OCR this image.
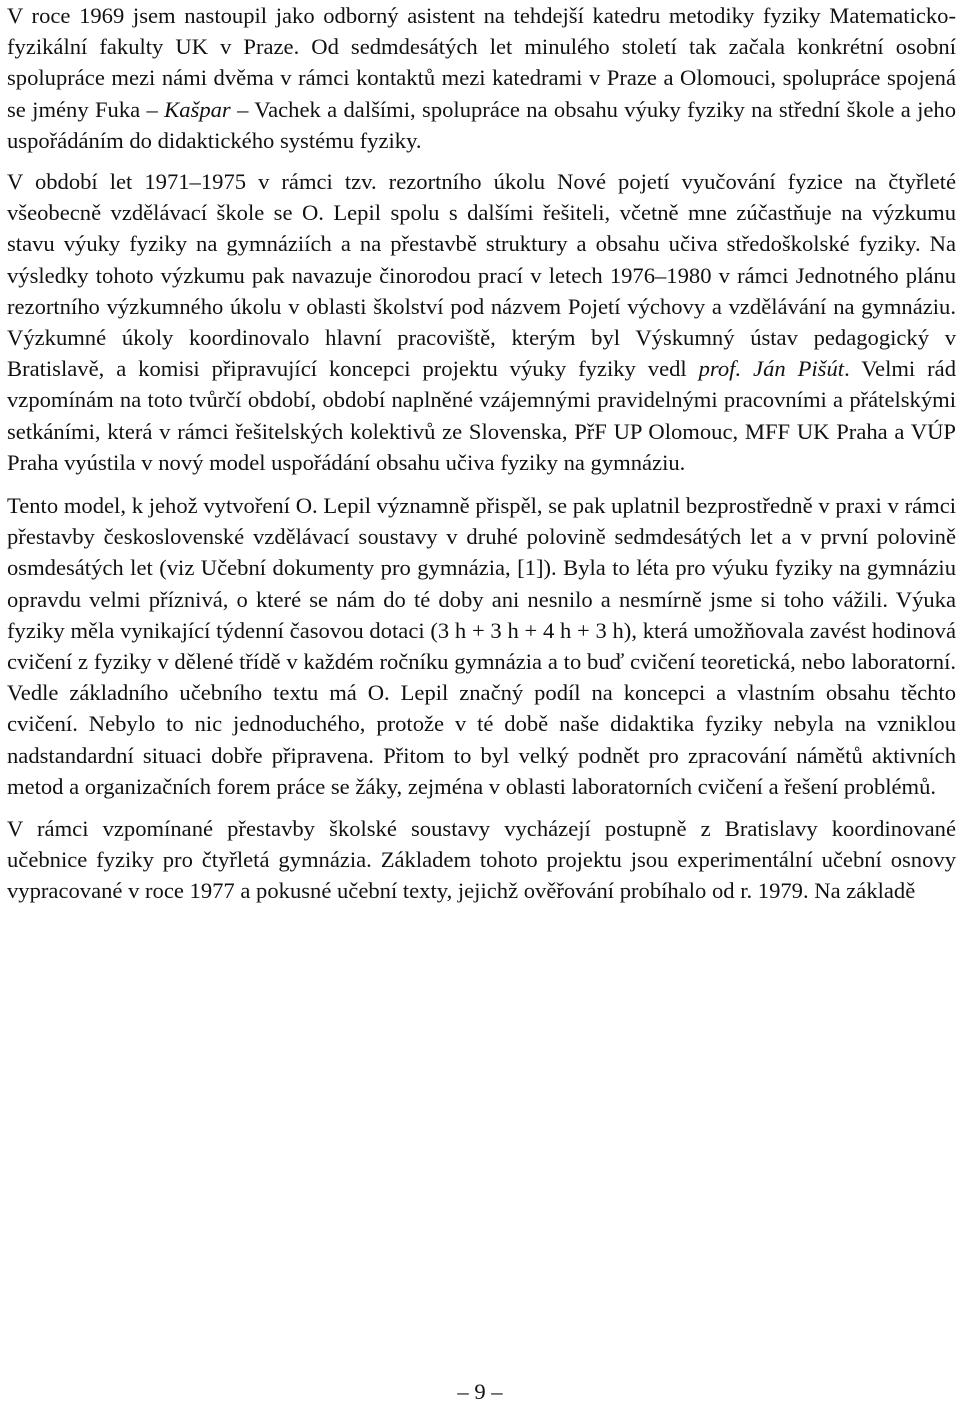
V roce 1969 jsem nastoupil jako odborný asistent na tehdejší katedru metodiky fyziky Matematicko-fyzikální fakulty UK v Praze. Od sedmdesátých let minulého století tak začala konkrétní osobní spolupráce mezi námi dvěma v rámci kontaktů mezi katedrami v Praze a Olomouci, spolupráce spojená se jmény Fuka – Kašpar – Vachek a dalšími, spolupráce na obsahu výuky fyziky na střední škole a jeho uspořádáním do didaktického systému fyziky.

V období let 1971–1975 v rámci tzv. rezortního úkolu Nové pojetí vyučování fyzice na čtyřleté všeobecně vzdělávací škole se O. Lepil spolu s dalšími řešiteli, včetně mne zúčastňuje na výzkumu stavu výuky fyziky na gymnáziích a na přestavbě struktury a obsahu učiva středoškolské fyziky. Na výsledky tohoto výzkumu pak navazuje činorodou prací v letech 1976–1980 v rámci Jednotného plánu rezortního výzkumného úkolu v oblasti školství pod názvem Pojetí výchovy a vzdělávání na gymnáziu. Výzkumné úkoly koordinovalo hlavní pracoviště, kterým byl Výskumný ústav pedagogický v Bratislavě, a komisi připravující koncepci projektu výuky fyziky vedl prof. Ján Pišút. Velmi rád vzpomínám na toto tvůrčí období, období naplněné vzájemnými pravidelnými pracovními a přátelskými setkáními, která v rámci řešitelských kolektivů ze Slovenska, PřF UP Olomouc, MFF UK Praha a VÚP Praha vyústila v nový model uspořádání obsahu učiva fyziky na gymnáziu.

Tento model, k jehož vytvoření O. Lepil významně přispěl, se pak uplatnil bezprostředně v praxi v rámci přestavby československé vzdělávací soustavy v druhé polovině sedmdesátých let a v první polovině osmdesátých let (viz Učební dokumenty pro gymnázia, [1]). Byla to léta pro výuku fyziky na gymnáziu opravdu velmi příznivá, o které se nám do té doby ani nesnilo a nesmírně jsme si toho vážili. Výuka fyziky měla vynikající týdenní časovou dotaci (3 h + 3 h + 4 h + 3 h), která umožňovala zavést hodinová cvičení z fyziky v dělené třídě v každém ročníku gymnázia a to buď cvičení teoretická, nebo laboratorní. Vedle základního učebního textu má O. Lepil značný podíl na koncepci a vlastním obsahu těchto cvičení. Nebylo to nic jednoduchého, protože v té době naše didaktika fyziky nebyla na vzniklou nadstandardní situaci dobře připravena. Přitom to byl velký podnět pro zpracování námětů aktivních metod a organizačních forem práce se žáky, zejména v oblasti laboratorních cvičení a řešení problémů.

V rámci vzpomínané přestavby školské soustavy vycházejí postupně z Bratislavy koordinované učebnice fyziky pro čtyřletá gymnázia. Základem tohoto projektu jsou experimentální učební osnovy vypracované v roce 1977 a pokusné učební texty, jejichž ověřování probíhalo od r. 1979. Na základě

– 9 –
